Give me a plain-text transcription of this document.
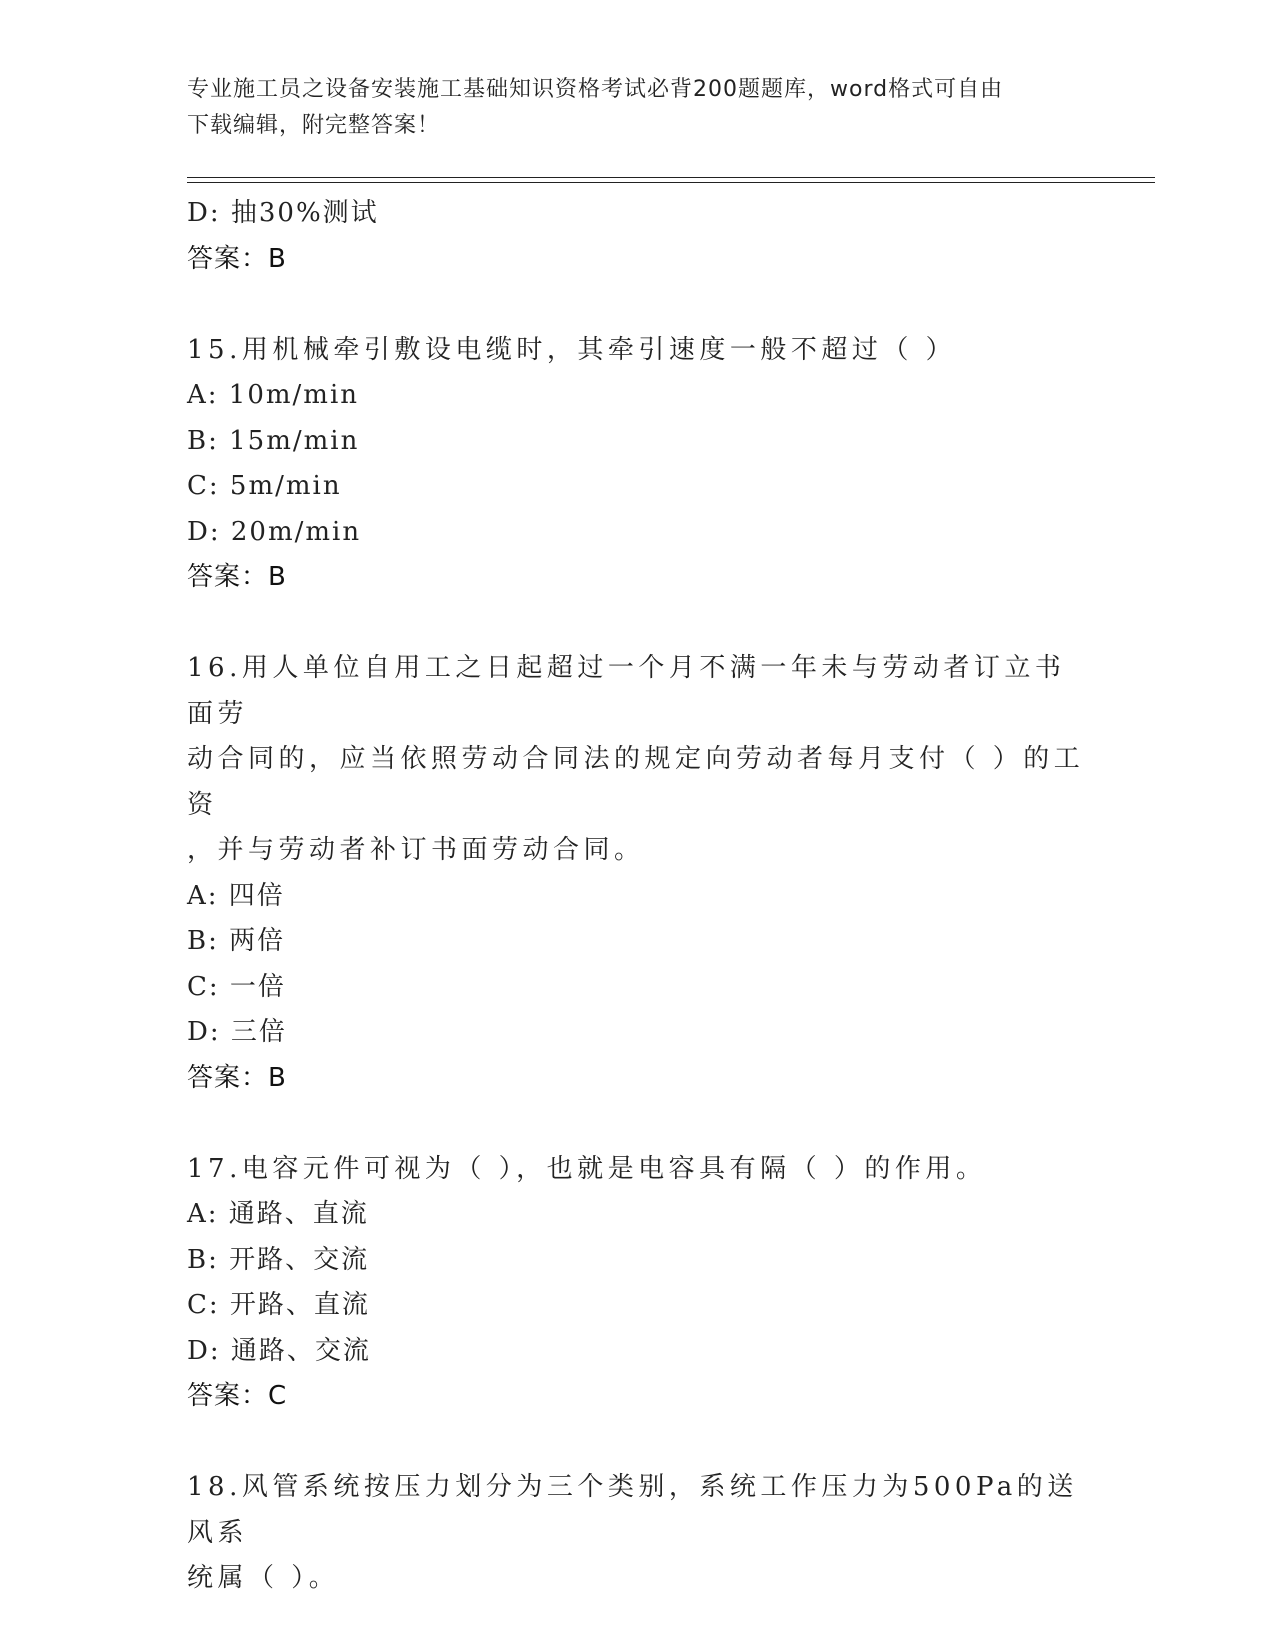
专业施工员之设备安装施工基础知识资格考试必背200题题库，word格式可自由
下载编辑，附完整答案！
D: 抽30%测试
答案：B
15.用机械牵引敷设电缆时，其牵引速度一般不超过（ ）
A: 10m/min
B: 15m/min
C: 5m/min
D: 20m/min
答案：B
16.用人单位自用工之日起超过一个月不满一年未与劳动者订立书面劳
动合同的，应当依照劳动合同法的规定向劳动者每月支付（ ）的工资
，并与劳动者补订书面劳动合同。
A: 四倍
B: 两倍
C: 一倍
D: 三倍
答案：B
17.电容元件可视为（ ），也就是电容具有隔（ ）的作用。
A: 通路、直流
B: 开路、交流
C: 开路、直流
D: 通路、交流
答案：C
18.风管系统按压力划分为三个类别，系统工作压力为500Pa的送风系
统属（ ）。
